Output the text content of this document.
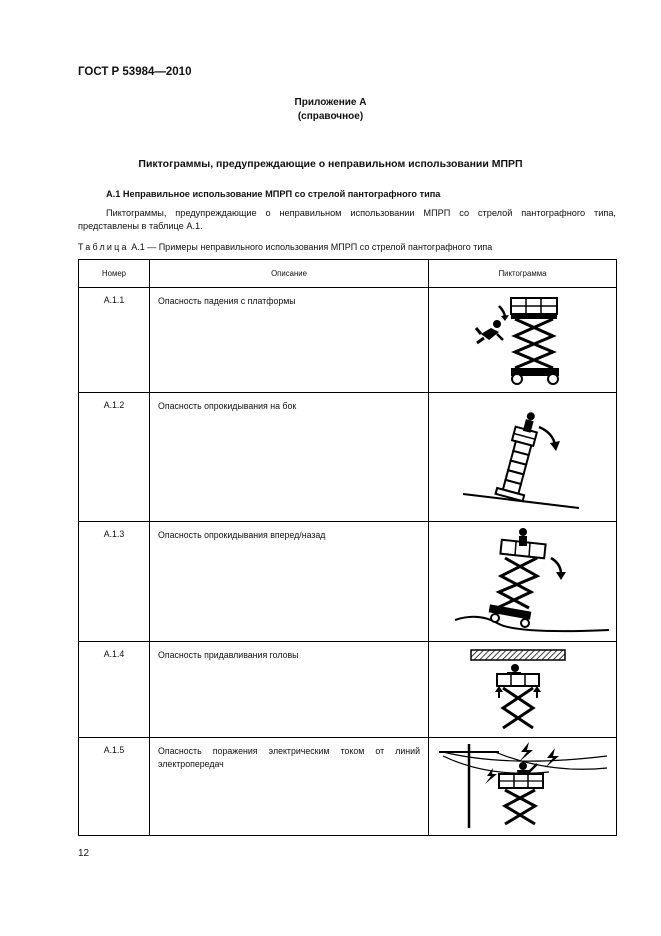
ГОСТ Р 53984—2010
Приложение А
(справочное)
Пиктограммы, предупреждающие о неправильном использовании МПРП
А.1 Неправильное использование МПРП со стрелой пантографного типа
Пиктограммы, предупреждающие о неправильном использовании МПРП со стрелой пантографного типа, представлены в таблице А.1.
Таблица А.1 — Примеры неправильного использования МПРП со стрелой пантографного типа
Номер	Описание	Пиктограмма
А.1.1	Опасность падения с платформы	

А.1.2	Опасность опрокидывания на бок	

А.1.3	Опасность опрокидывания вперед/назад	

А.1.4	Опасность придавливания головы	

А.1.5	Опасность поражения электрическим током от линий электропередач	
12
